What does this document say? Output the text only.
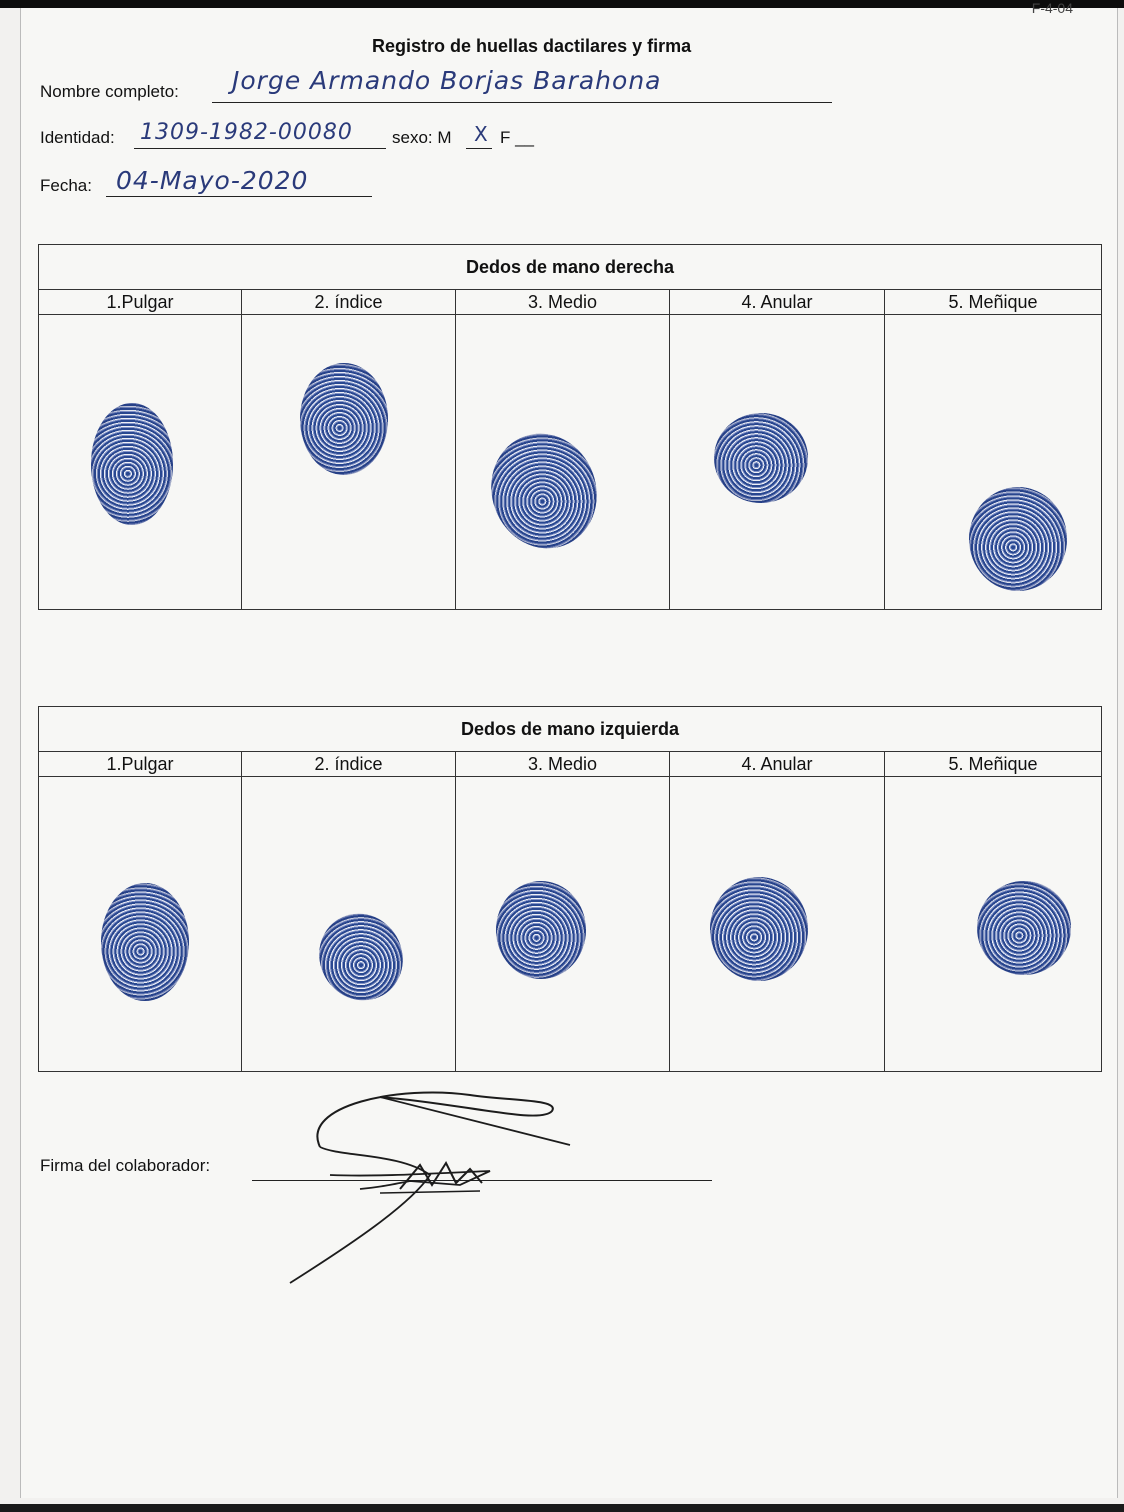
F-4-04
Registro de huellas dactilares y firma
Nombre completo: Jorge Armando Borjas Barahona
Identidad: 1309-1982-00080 sexo: M X F __
Fecha: 04-Mayo-2020
Dedos de mano derecha				
1.Pulgar	2. índice	3. Medio	4. Anular	5. Meñique

Dedos de mano izquierda				
1.Pulgar	2. índice	3. Medio	4. Anular	5. Meñique

Firma del colaborador:
